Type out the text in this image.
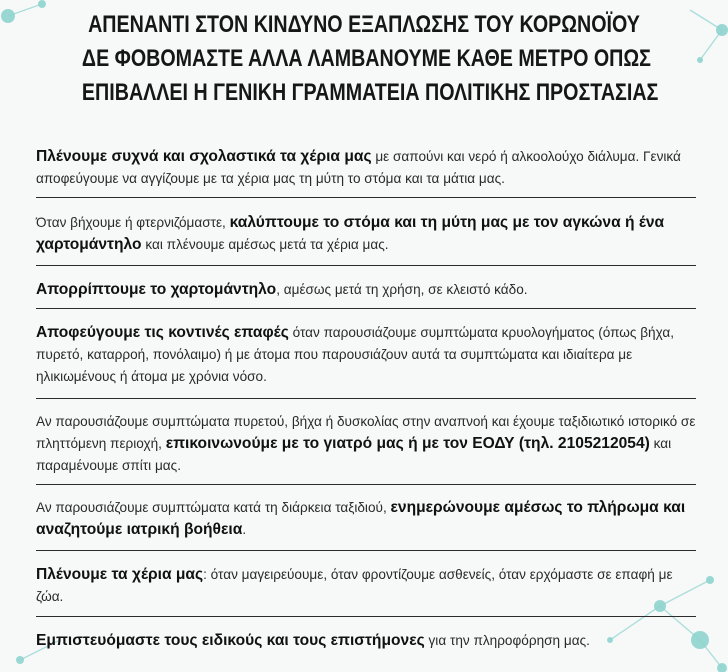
ΑΠΕΝΑΝΤΙ ΣΤΟΝ ΚΙΝΔΥΝΟ ΕΞΑΠΛΩΣΗΣ ΤΟΥ ΚΟΡΩΝΟΪΟΥ
ΔΕ ΦΟΒΟΜΑΣΤΕ ΑΛΛΑ ΛΑΜΒΑΝΟΥΜΕ ΚΑΘΕ ΜΕΤΡΟ ΟΠΩΣ
ΕΠΙΒΑΛΛΕΙ Η ΓΕΝΙΚΗ ΓΡΑΜΜΑΤΕΙΑ ΠΟΛΙΤΙΚΗΣ ΠΡΟΣΤΑΣΙΑΣ
Πλένουμε συχνά και σχολαστικά τα χέρια μας με σαπούνι και νερό ή αλκοολούχο διάλυμα. Γενικά αποφεύγουμε να αγγίζουμε με τα χέρια μας τη μύτη το στόμα και τα μάτια μας.
Όταν βήχουμε ή φτερνιζόμαστε, καλύπτουμε το στόμα και τη μύτη μας με τον αγκώνα ή ένα χαρτομάντηλο και πλένουμε αμέσως μετά τα χέρια μας.
Απορρίπτουμε το χαρτομάντηλο, αμέσως μετά τη χρήση, σε κλειστό κάδο.
Αποφεύγουμε τις κοντινές επαφές όταν παρουσιάζουμε συμπτώματα κρυολογήματος (όπως βήχα, πυρετό, καταρροή, πονόλαιμο) ή με άτομα που παρουσιάζουν αυτά τα συμπτώματα και ιδιαίτερα με ηλικιωμένους ή άτομα με χρόνια νόσο.
Αν παρουσιάζουμε συμπτώματα πυρετού, βήχα ή δυσκολίας στην αναπνοή και έχουμε ταξιδιωτικό ιστορικό σε πληττόμενη περιοχή, επικοινωνούμε με το γιατρό μας ή με τον ΕΟΔΥ (τηλ. 2105212054) και παραμένουμε σπίτι μας.
Αν παρουσιάζουμε συμπτώματα κατά τη διάρκεια ταξιδιού, ενημερώνουμε αμέσως το πλήρωμα και αναζητούμε ιατρική βοήθεια.
Πλένουμε τα χέρια μας: όταν μαγειρεύουμε, όταν φροντίζουμε ασθενείς, όταν ερχόμαστε σε επαφή με ζώα.
Εμπιστευόμαστε τους ειδικούς και τους επιστήμονες για την πληροφόρηση μας.
